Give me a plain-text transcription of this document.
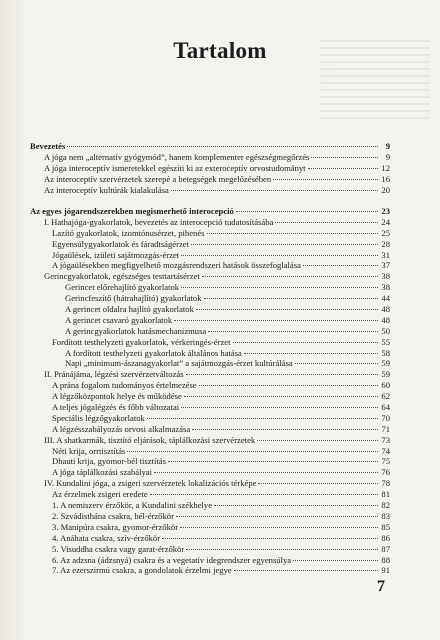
Tartalom
Bevezetés	9
A jóga nem „alternatív gyógymód”, hanem komplementer egészségmegőrzés	9
A jóga interoceptív ismeretekkel egészíti ki az exteroceptív orvostudományt	12
Az interoceptív szervérzetek szerepé a betegségek megelőzésében	16
Az interoceptív kultúrák kialakulása	20
Az egyes jógarendszerekben megismerhető interocepció	23
I. Hathajóga-gyakorlatok, bevezetés az interocepció tudatosításába	24
Lazító gyakorlatok, izomtónusérzet, pihenés	25
Egyensúlygyakorlatok és fáradtságérzet	28
Jógaülések, izületi sajátmozgás-érzet	31
A jógaülésekben megfigyelhető mozgásrendszeri hatások összefoglalása	37
Gerincgyakorlatok, egészséges testtartásérzet	38
Gerincet előrehajlító gyakorlatok	38
Gerincfeszítő (hátrahajlító) gyakorlatok	44
A gerincet oldalra hajlító gyakorlatok	48
A gerincet csavaró gyakorlatok	48
A gerincgyakorlatok hatásmechanizmusa	50
Fordított testhelyzeti gyakorlatok, vérkeringés-érzet	55
A fordított testhelyzeti gyakorlatok általános hatása	58
Napi „minimum-ászanagyakorlat” a sajátmozgás-érzet kultúrálása	59
II. Pránájáma, légzési szervérzetváltozás	59
A prána fogalom tudományos értelmezése	60
A légzőközpontok helye és működése	62
A teljes jógalégzés és főbb változatai	64
Speciális légzőgyakorlatok	70
A légzésszabályozás orvosi alkalmazása	71
III. A shatkarmák, tisztító eljárások, táplálkozási szervérzetek	73
Néti krija, orrtisztítás	74
Dhauti krija, gyomor-bél tisztítás	75
A jóga táplálkozási szabályai	76
IV. Kundalini jóga, a zsigeri szervérzetek lokalizációs térképe	78
Az érzelmek zsigeri eredete	81
1. A nemiszerv érzőkör, a Kundalini székhelye	82
2. Szvádisthána csakra, bél-érzőkör	83
3. Manipúra csakra, gyomor-érzőkör	85
4. Anáhata csakra, szív-érzőkör	86
5. Visuddha csakra vagy garat-érzőkör	87
6. Az adzsna (ádzsnyá) csakra és a vegetatív idegrendszer egyensúlya	88
7. Az ezerszirmú csakra, a gondolatok érzelmi jegye	91
7
